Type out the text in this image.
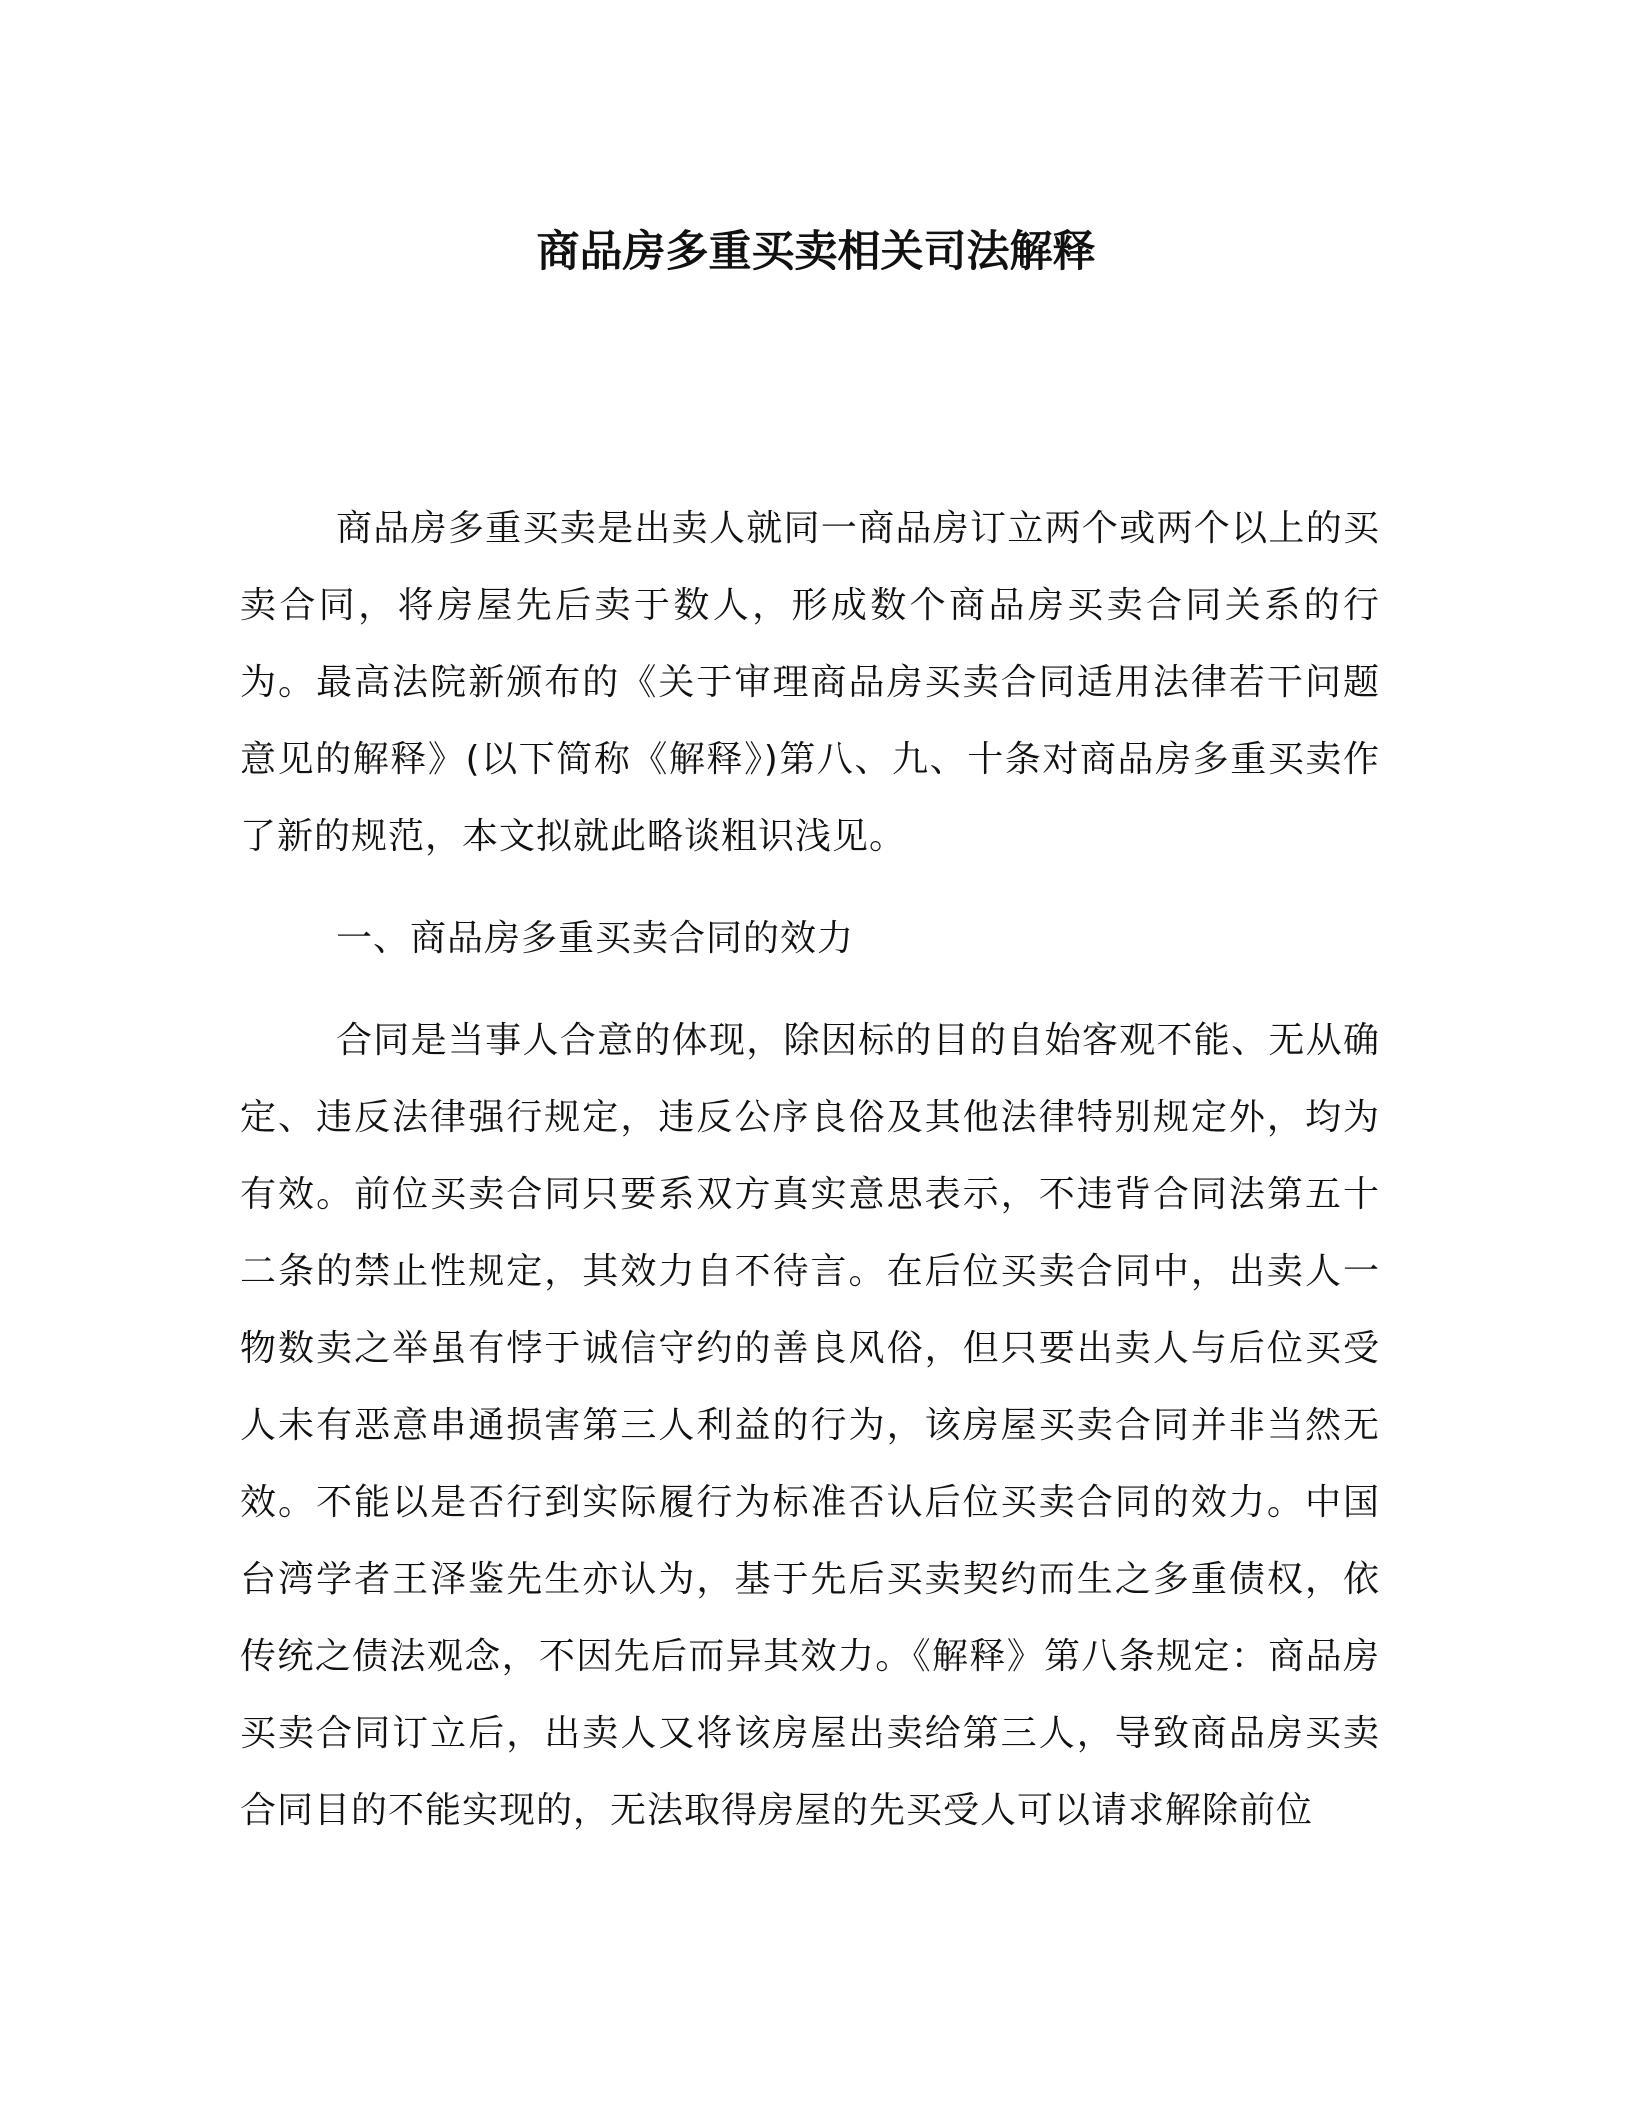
商品房多重买卖相关司法解释

商品房多重买卖是出卖人就同一商品房订立两个或两个以上的买卖合同，将房屋先后卖于数人，形成数个商品房买卖合同关系的行为。最高法院新颁布的《关于审理商品房买卖合同适用法律若干问题意见的解释》(以下简称《解释》)第八、九、十条对商品房多重买卖作了新的规范，本文拟就此略谈粗识浅见。

一、商品房多重买卖合同的效力

合同是当事人合意的体现，除因标的目的自始客观不能、无从确定、违反法律强行规定，违反公序良俗及其他法律特别规定外，均为有效。前位买卖合同只要系双方真实意思表示，不违背合同法第五十二条的禁止性规定，其效力自不待言。在后位买卖合同中，出卖人一物数卖之举虽有悖于诚信守约的善良风俗，但只要出卖人与后位买受人未有恶意串通损害第三人利益的行为，该房屋买卖合同并非当然无效。不能以是否行到实际履行为标准否认后位买卖合同的效力。中国台湾学者王泽鉴先生亦认为，基于先后买卖契约而生之多重债权，依传统之债法观念，不因先后而异其效力。《解释》第八条规定：商品房买卖合同订立后，出卖人又将该房屋出卖给第三人，导致商品房买卖合同目的不能实现的，无法取得房屋的先买受人可以请求解除前位
